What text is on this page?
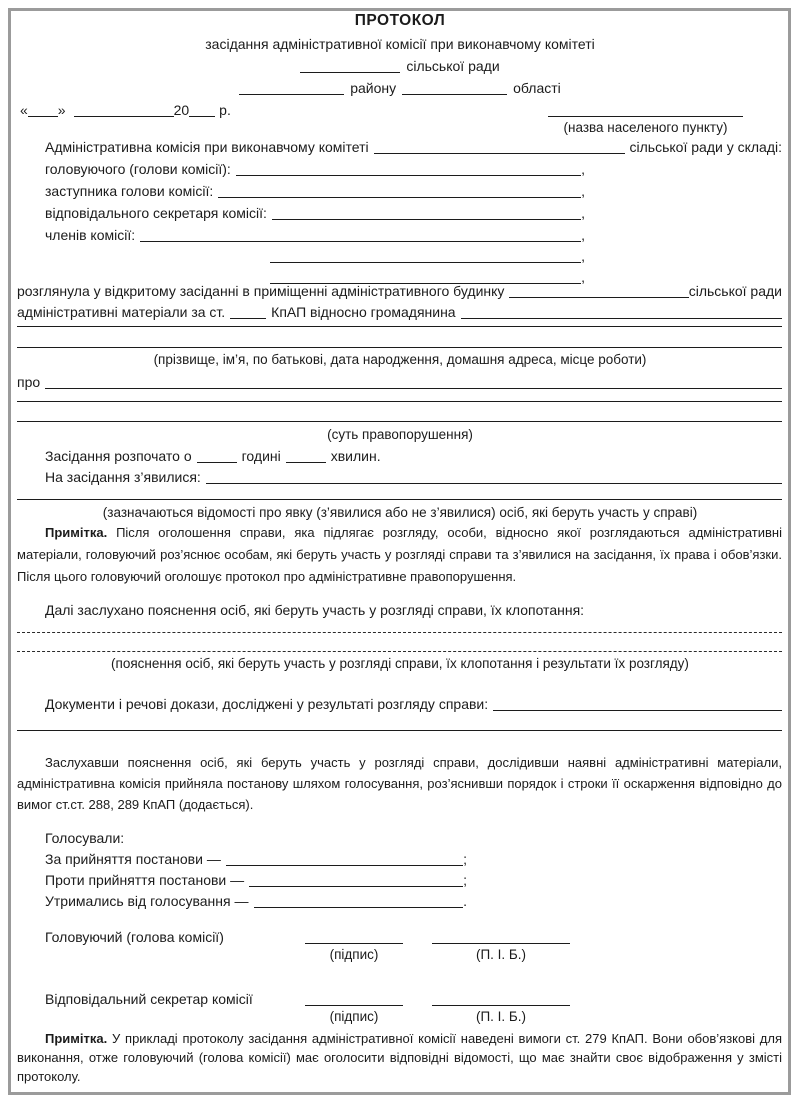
ПРОТОКОЛ
засідання адміністративної комісії при виконавчому комітеті
сільської ради
району	області
« »	20 р.
(назва населеного пункту)
Адміністративна комісія при виконавчому комітеті	сільської ради у складі:
головуючого (голови комісії):	,
заступника голови комісії:	,
відповідального секретаря комісії:	,
членів комісії:	,
,
,
розглянула у відкритому засіданні в приміщенні адміністративного будинку	сільської ради
адміністративні матеріали за ст.	КпАП відносно громадянина
(прізвище, ім’я, по батькові, дата народження, домашня адреса, місце роботи)
про
(суть правопорушення)
Засідання розпочато о	годині	хвилин.
На засідання з’явилися:
(зазначаються відомості про явку (з’явилися або не з’явилися) осіб, які беруть участь у справі)

Примітка. Після оголошення справи, яка підлягає розгляду, особи, відносно якої розглядаються адміністративні матеріали, головуючий роз’яснює особам, які беруть участь у розгляді справи та з’явилися на засідання, їх права і обов’язки. Після цього головуючий оголошує протокол про адміністративне правопорушення.

Далі заслухано пояснення осіб, які беруть участь у розгляді справи, їх клопотання:
(пояснення осіб, які беруть участь у розгляді справи, їх клопотання і результати їх розгляду)
Документи і речові докази, досліджені у результаті розгляду справи:

Заслухавши пояснення осіб, які беруть участь у розгляді справи, дослідивши наявні адміністративні матеріали, адміністративна комісія прийняла постанову шляхом голосування, роз’яснивши порядок і строки її оскарження відповідно до вимог ст.ст. 288, 289 КпАП (додається).

Голосували:
За прийняття постанови —	;
Проти прийняття постанови —	;
Утримались від голосування —	.
Головуючий (голова комісії)
(підпис)	(П. І. Б.)
Відповідальний секретар комісії
(підпис)	(П. І. Б.)

Примітка. У прикладі протоколу засідання адміністративної комісії наведені вимоги ст. 279 КпАП. Вони обов’язкові для виконання, отже головуючий (голова комісії) має оголосити відповідні відомості, що має знайти своє відображення у змісті протоколу.
